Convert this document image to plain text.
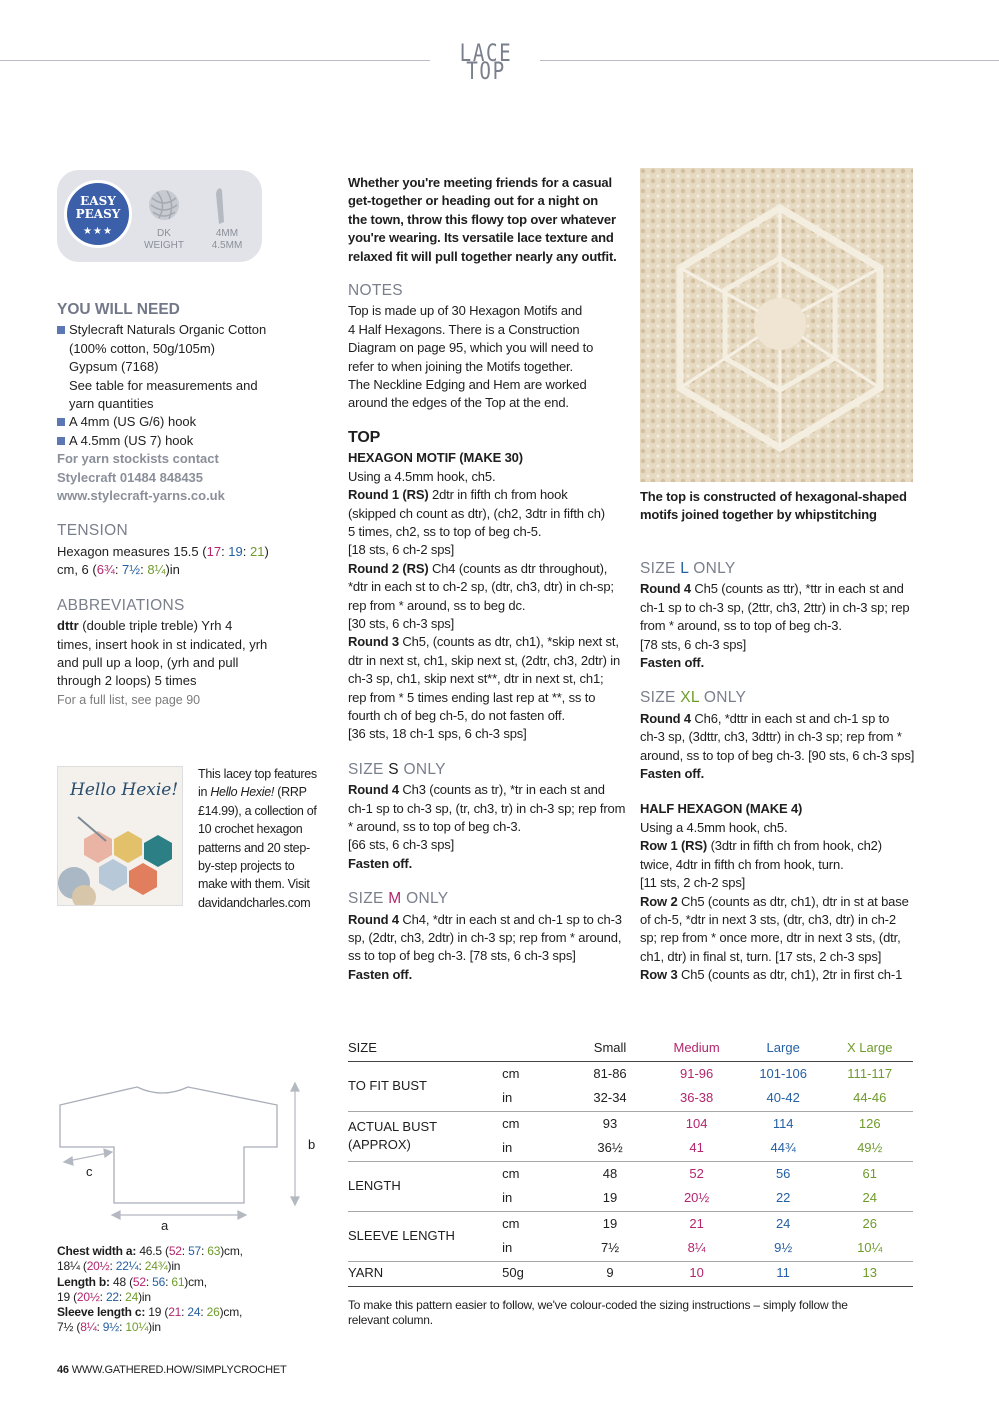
LACE TOP
EASY
PEASY
★★★	DK
WEIGHT
4MM
4.5MM
YOU WILL NEED

Stylecraft Naturals Organic Cotton

(100% cotton, 50g/105m)

Gypsum (7168)

See table for measurements and

yarn quantities

A 4mm (US G/6) hook

A 4.5mm (US 7) hook

For yarn stockists contact

Stylecraft 01484 848435

www.stylecraft-yarns.co.uk

TENSION

Hexagon measures 15.5 (17: 19: 21)

cm, 6 (6¾: 7½: 8¼)in

ABBREVIATIONS

dttr (double triple treble) Yrh 4

times, insert hook in st indicated, yrh

and pull up a loop, (yrh and pull

through 2 loops) 5 times

For a full list, see page 90

Hello Hexie!

This lacey top features

in Hello Hexie! (RRP

£14.99), a collection of

10 crochet hexagon

patterns and 20 step-

by-step projects to

make with them. Visit

davidandcharles.com

Whether you're meeting friends for a casual

get-together or heading out for a night on

the town, throw this flowy top over whatever

you're wearing. Its versatile lace texture and

relaxed fit will pull together nearly any outfit.

NOTES

Top is made up of 30 Hexagon Motifs and

4 Half Hexagons. There is a Construction

Diagram on page 95, which you will need to

refer to when joining the Motifs together.

The Neckline Edging and Hem are worked

around the edges of the Top at the end.

TOP

HEXAGON MOTIF (MAKE 30)

Using a 4.5mm hook, ch5.

Round 1 (RS) 2dtr in fifth ch from hook

(skipped ch count as dtr), (ch2, 3dtr in fifth ch)

5 times, ch2, ss to top of beg ch-5.

[18 sts, 6 ch-2 sps]

Round 2 (RS) Ch4 (counts as dtr throughout),

*dtr in each st to ch-2 sp, (dtr, ch3, dtr) in ch-sp;

rep from * around, ss to beg dc.

[30 sts, 6 ch-3 sps]

Round 3 Ch5, (counts as dtr, ch1), *skip next st,

dtr in next st, ch1, skip next st, (2dtr, ch3, 2dtr) in

ch-3 sp, ch1, skip next st**, dtr in next st, ch1;

rep from * 5 times ending last rep at **, ss to

fourth ch of beg ch-5, do not fasten off.

[36 sts, 18 ch-1 sps, 6 ch-3 sps]

SIZE S ONLY

Round 4 Ch3 (counts as tr), *tr in each st and

ch-1 sp to ch-3 sp, (tr, ch3, tr) in ch-3 sp; rep from

* around, ss to top of beg ch-3.

[66 sts, 6 ch-3 sps]

Fasten off.

SIZE M ONLY

Round 4 Ch4, *dtr in each st and ch-1 sp to ch-3

sp, (2dtr, ch3, 2dtr) in ch-3 sp; rep from * around,

ss to top of beg ch-3. [78 sts, 6 ch-3 sps]

Fasten off.

The top is constructed of hexagonal-shaped

motifs joined together by whipstitching

SIZE L ONLY

Round 4 Ch5 (counts as ttr), *ttr in each st and

ch-1 sp to ch-3 sp, (2ttr, ch3, 2ttr) in ch-3 sp; rep

from * around, ss to top of beg ch-3.

[78 sts, 6 ch-3 sps]

Fasten off.

SIZE XL ONLY

Round 4 Ch6, *dttr in each st and ch-1 sp to

ch-3 sp, (3dttr, ch3, 3dttr) in ch-3 sp; rep from *

around, ss to top of beg ch-3. [90 sts, 6 ch-3 sps]

Fasten off.

HALF HEXAGON (MAKE 4)

Using a 4.5mm hook, ch5.

Row 1 (RS) (3dtr in fifth ch from hook, ch2)

twice, 4dtr in fifth ch from hook, turn.

[11 sts, 2 ch-2 sps]

Row 2 Ch5 (counts as dtr, ch1), dtr in st at base

of ch-5, *dtr in next 3 sts, (dtr, ch3, dtr) in ch-2

sp; rep from * once more, dtr in next 3 sts, (dtr,

ch1, dtr) in final st, turn. [17 sts, 2 ch-3 sps]

Row 3 Ch5 (counts as dtr, ch1), 2tr in first ch-1

b
c
a

Chest width a: 46.5 (52: 57: 63)cm,

18¼ (20½: 22¼: 24¾)in

Length b: 48 (52: 56: 61)cm,

19 (20½: 22: 24)in

Sleeve length c: 19 (21: 24: 26)cm,

7½ (8¼: 9½: 10¼)in

SIZE		Small	Medium	Large	X Large
TO FIT BUST	cm	81-86	91-96	101-106	111-117
	in	32-34	36-38	40-42	44-46
ACTUAL BUST
(APPROX)	cm	93	104	114	126
	in	36½	41	44¾	49½
LENGTH	cm	48	52	56	61
	in	19	20½	22	24
SLEEVE LENGTH	cm	19	21	24	26
	in	7½	8¼	9½	10¼
YARN	50g	9	10	11	13

To make this pattern easier to follow, we've colour-coded the sizing instructions – simply follow the

relevant column.

46 WWW.GATHERED.HOW/SIMPLYCROCHET
